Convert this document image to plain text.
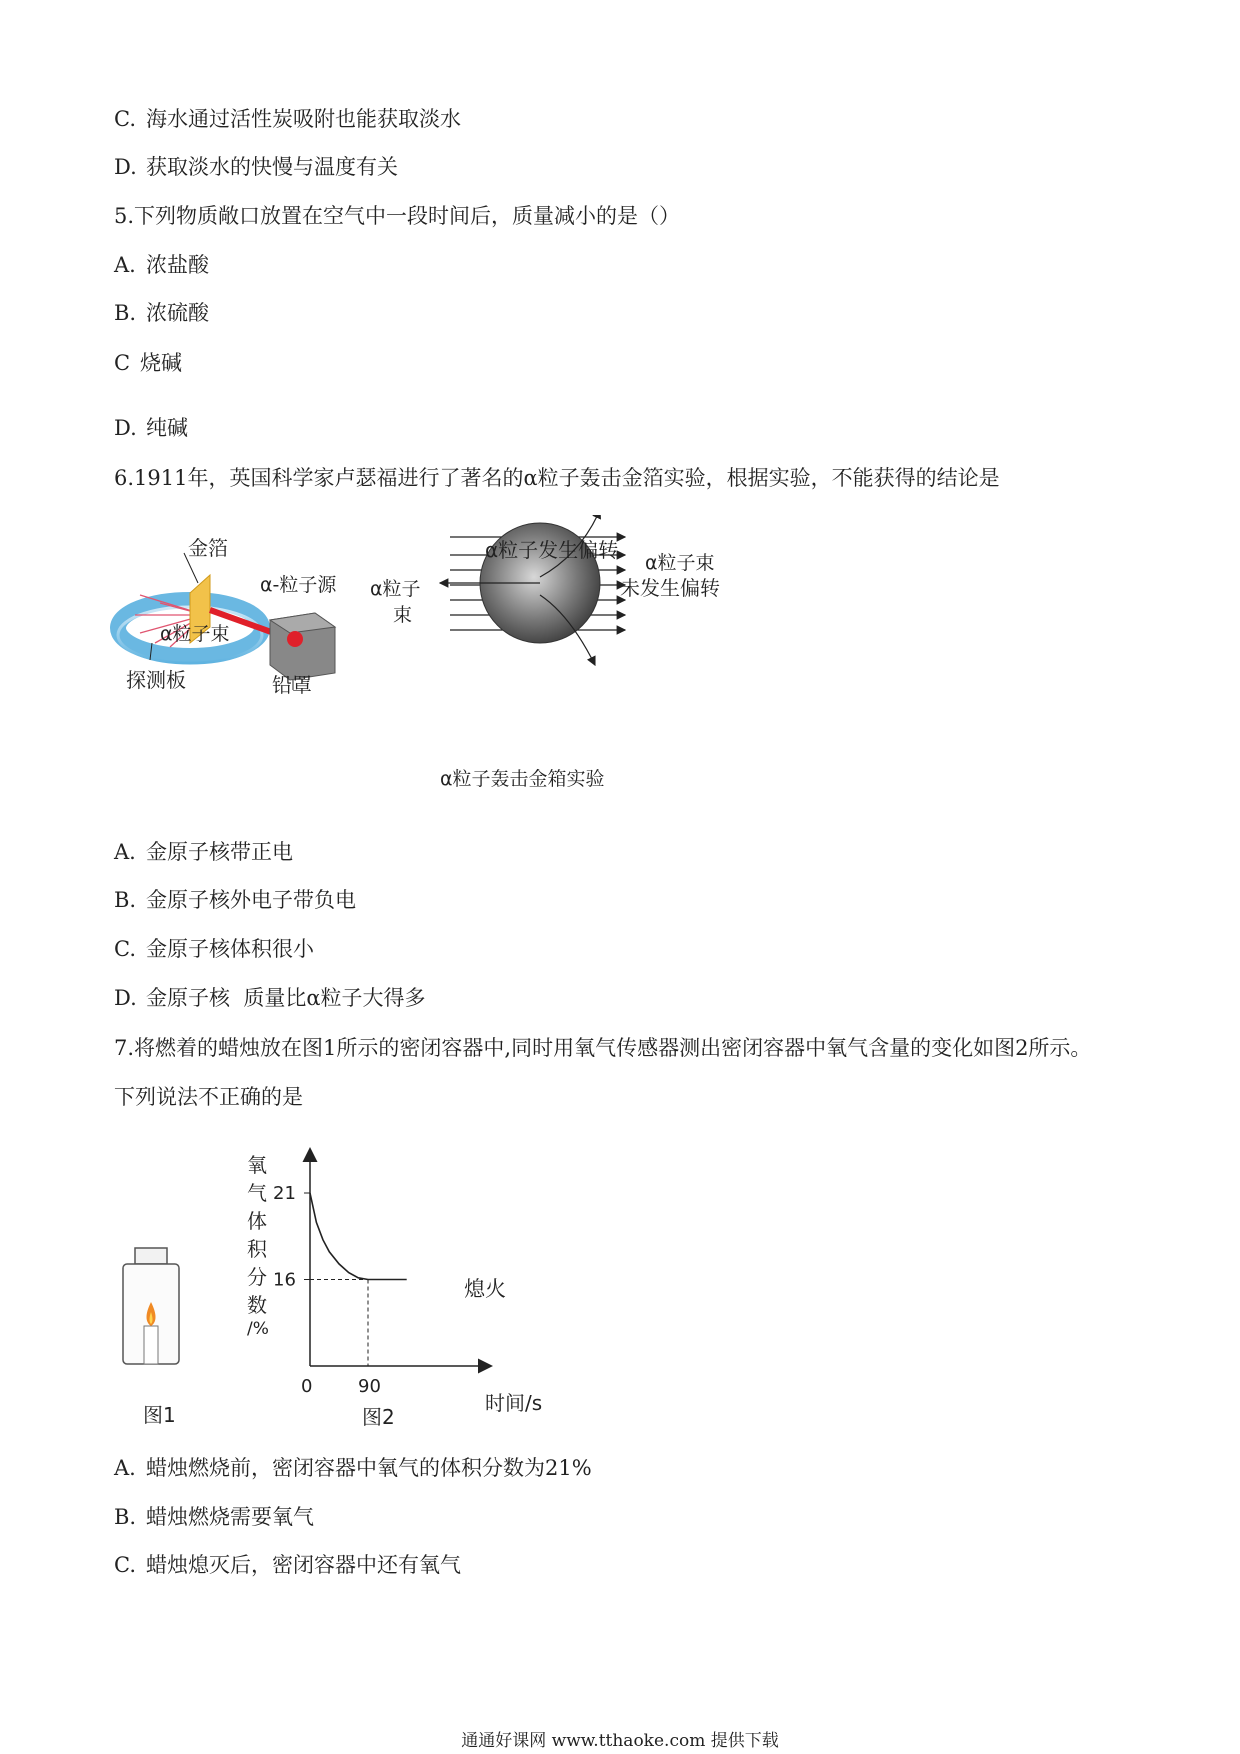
C. 海水通过活性炭吸附也能获取淡水
D. 获取淡水的快慢与温度有关
5.下列物质敞口放置在空气中一段时间后，质量减小的是（）
A. 浓盐酸
B. 浓硫酸
C 烧碱
D. 纯碱
6.1911年，英国科学家卢瑟福进行了著名的α粒子轰击金箔实验，根据实验，不能获得的结论是
金箔
α-粒子源
α粒子束
探测板	铅罩
α粒子发生偏转
α粒子
束
α粒子束
未发生偏转
α粒子轰击金箱实验
A. 金原子核带正电
B. 金原子核外电子带负电
C. 金原子核体积很小
D. 金原子核  质量比α粒子大得多
7.将燃着的蜡烛放在图1所示的密闭容器中,同时用氧气传感器测出密闭容器中氧气含量的变化如图2所示。
下列说法不正确的是
图1
氧
气
体
积
分
数
/%
0
时间/s
熄火
图2
21
16
90
A. 蜡烛燃烧前，密闭容器中氧气的体积分数为21%
B. 蜡烛燃烧需要氧气
C. 蜡烛熄灭后，密闭容器中还有氧气
通通好课网 www.tthaoke.com 提供下载
